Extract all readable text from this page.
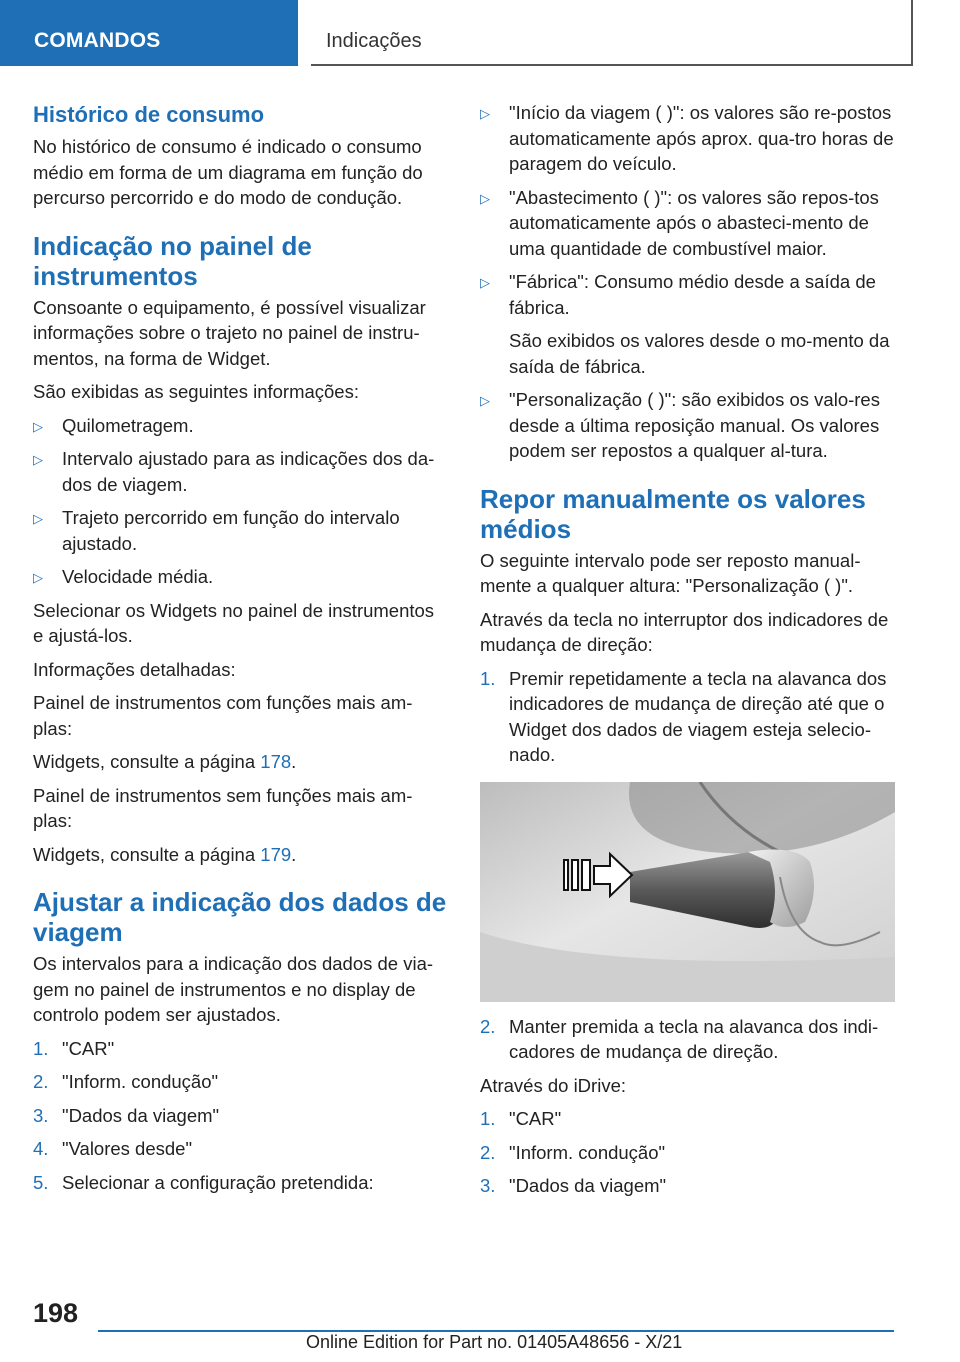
COMANDOS	Indicações
Histórico de consumo

No histórico de consumo é indicado o consumo médio em forma de um diagrama em função do percurso percorrido e do modo de condução.

Indicação no painel de instrumentos

Consoante o equipamento, é possível visualizar informações sobre o trajeto no painel de instru‐mentos, na forma de Widget.

São exibidas as seguintes informações:

▷ Quilometragem.
▷ Intervalo ajustado para as indicações dos da‐dos de viagem.
▷ Trajeto percorrido em função do intervalo ajustado.
▷ Velocidade média.

Selecionar os Widgets no painel de instrumentos e ajustá-los.

Informações detalhadas:

Painel de instrumentos com funções mais am‐plas:

Widgets, consulte a página 178.

Painel de instrumentos sem funções mais am‐plas:

Widgets, consulte a página 179.

Ajustar a indicação dos dados de viagem

Os intervalos para a indicação dos dados de via‐gem no painel de instrumentos e no display de controlo podem ser ajustados.

1. "CAR"
2. "Inform. condução"
3. "Dados da viagem"
4. "Valores desde"
5. Selecionar a configuração pretendida:
▷ "Início da viagem ( )": os valores são re‐postos automaticamente após aprox. qua‐tro horas de paragem do veículo.
▷ "Abastecimento ( )": os valores são repos‐tos automaticamente após o abasteci‐mento de uma quantidade de combustível maior.
▷ "Fábrica": Consumo médio desde a saída de fábrica.
São exibidos os valores desde o mo‐mento da saída de fábrica.
▷ "Personalização ( )": são exibidos os valo‐res desde a última reposição manual. Os valores podem ser repostos a qualquer al‐tura.
Repor manualmente os valores médios

O seguinte intervalo pode ser reposto manual‐mente a qualquer altura: "Personalização ( )".

Através da tecla no interruptor dos indicadores de mudança de direção:

1. Premir repetidamente a tecla na alavanca dos indicadores de mudança de direção até que o Widget dos dados de viagem esteja selecio‐nado.
2. Manter premida a tecla na alavanca dos indi‐cadores de mudança de direção.

Através do iDrive:

1. "CAR"
2. "Inform. condução"
3. "Dados da viagem"
198
Online Edition for Part no. 01405A48656 - X/21
